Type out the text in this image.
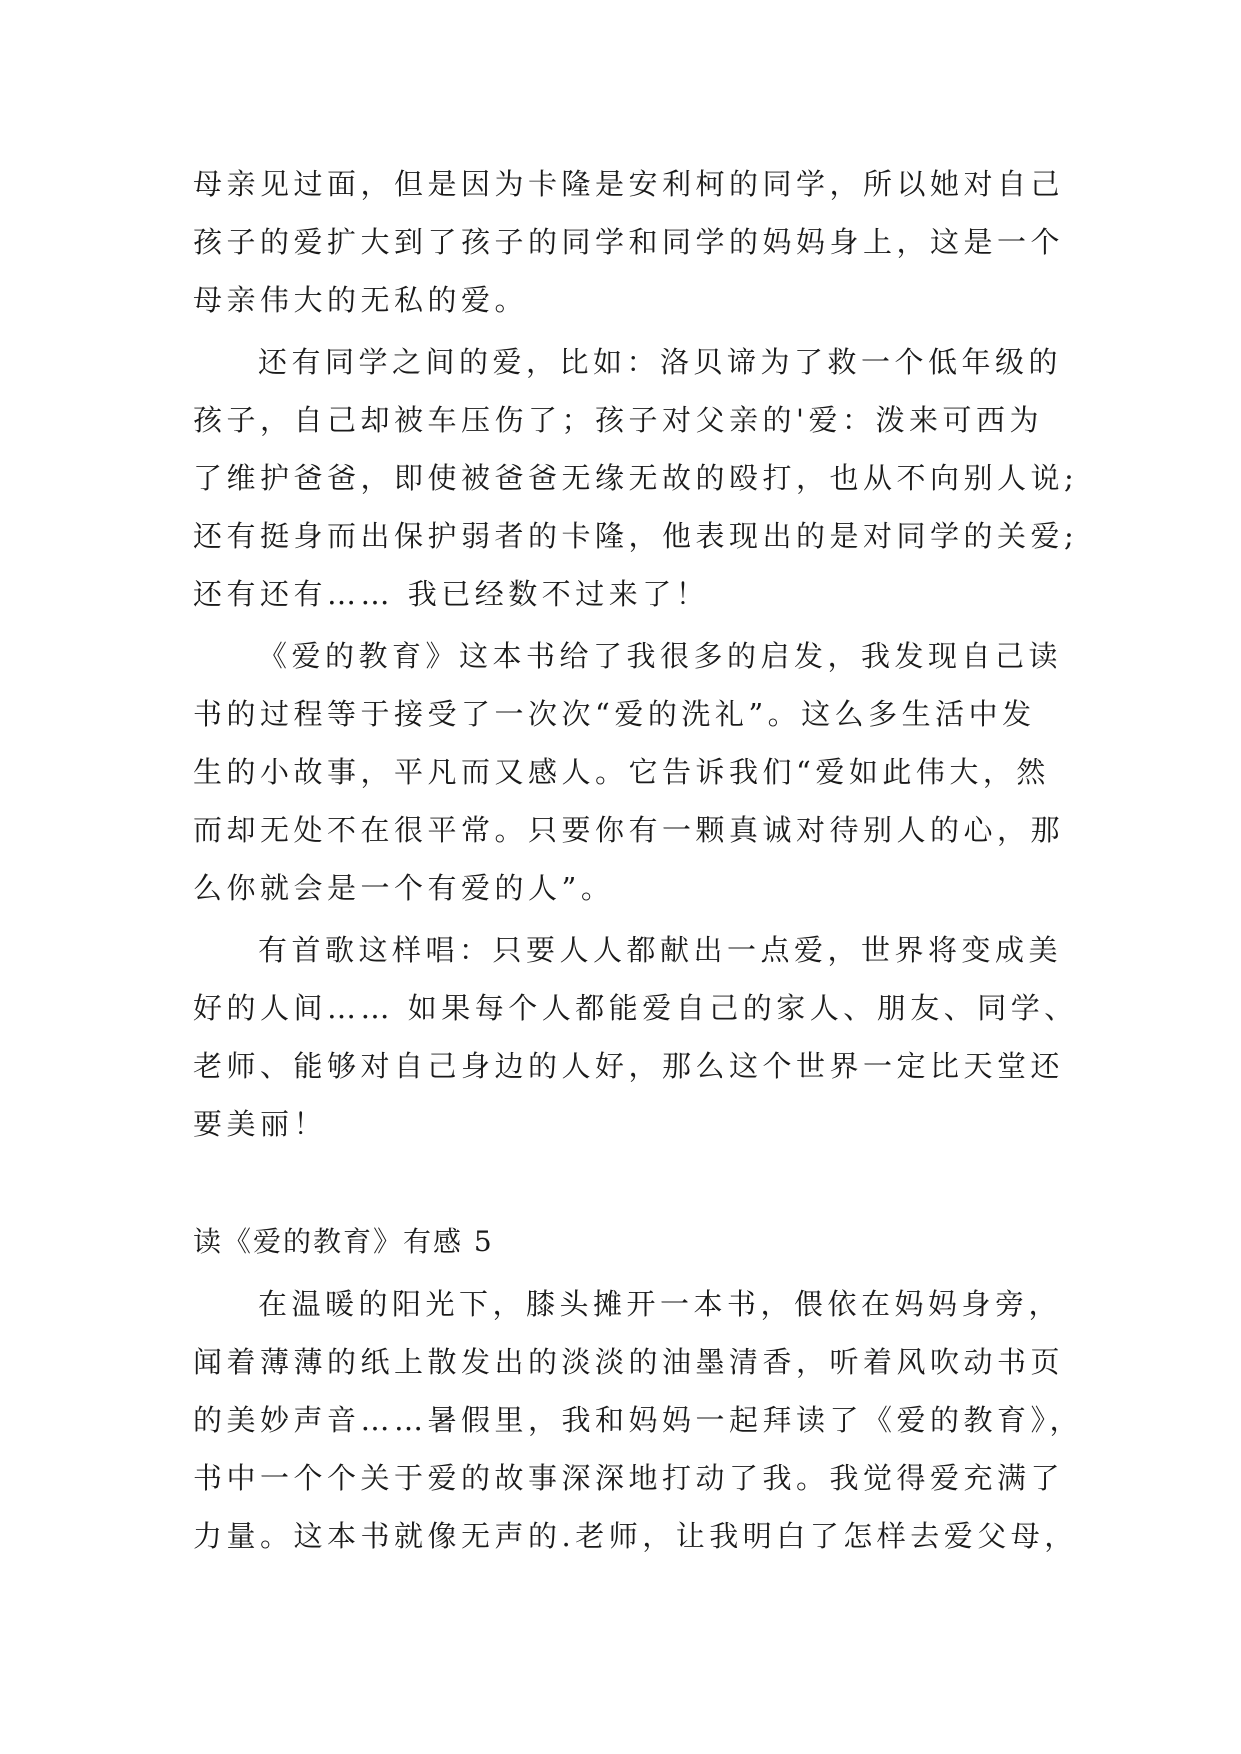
母亲见过面，但是因为卡隆是安利柯的同学，所以她对自己
孩子的爱扩大到了孩子的同学和同学的妈妈身上，这是一个
母亲伟大的无私的爱。
还有同学之间的爱，比如：洛贝谛为了救一个低年级的
孩子，自己却被车压伤了；孩子对父亲的'爱：泼来可西为
了维护爸爸，即使被爸爸无缘无故的殴打，也从不向别人说;
还有挺身而出保护弱者的卡隆，他表现出的是对同学的关爱;
还有还有…… 我已经数不过来了！
《爱的教育》这本书给了我很多的启发，我发现自己读
书的过程等于接受了一次次“爱的洗礼”。这么多生活中发
生的小故事，平凡而又感人。它告诉我们“爱如此伟大，然
而却无处不在很平常。只要你有一颗真诚对待别人的心，那
么你就会是一个有爱的人”。
有首歌这样唱：只要人人都献出一点爱，世界将变成美
好的人间…… 如果每个人都能爱自己的家人、朋友、同学、
老师、能够对自己身边的人好，那么这个世界一定比天堂还
要美丽！
读《爱的教育》有感 5
在温暖的阳光下，膝头摊开一本书，偎依在妈妈身旁，
闻着薄薄的纸上散发出的淡淡的油墨清香，听着风吹动书页
的美妙声音……暑假里，我和妈妈一起拜读了《爱的教育》，
书中一个个关于爱的故事深深地打动了我。我觉得爱充满了
力量。这本书就像无声的.老师，让我明白了怎样去爱父母，
